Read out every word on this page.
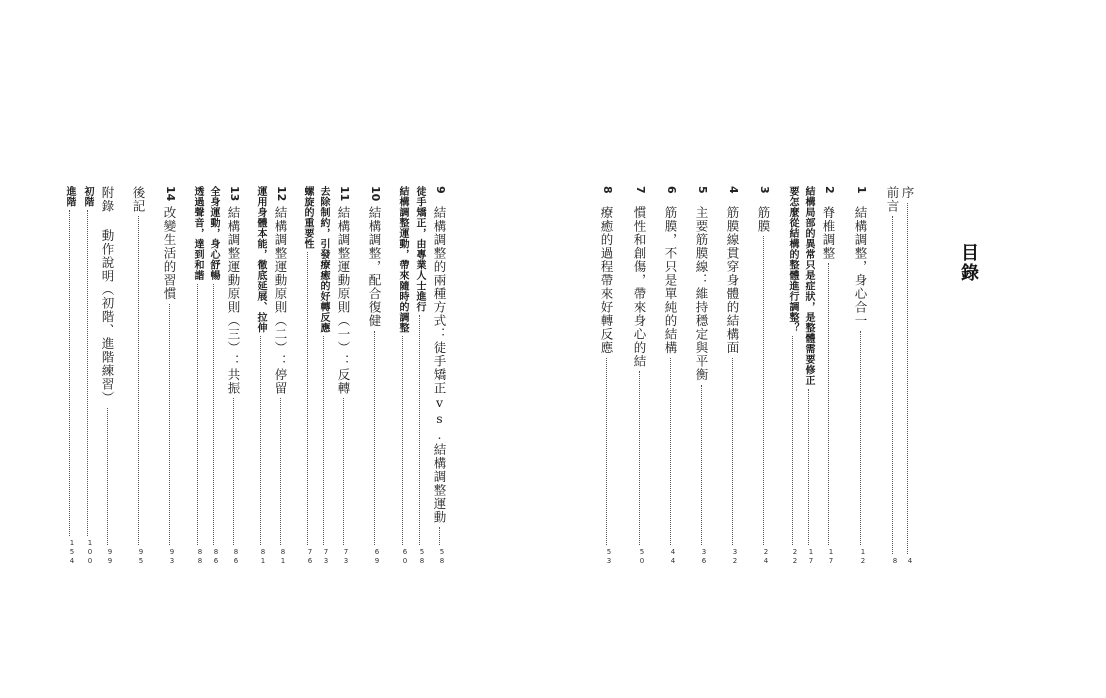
目錄
序
4
前言
8
1
結構調整，身心合一
12
2
脊椎調整
17
結構局部的異常只是症狀，是整體需要修正
17
要怎麼從結構的整體進行調整？
22
3
筋膜
24
4
筋膜線貫穿身體的結構面
32
5
主要筋膜線：維持穩定與平衡
36
6
筋膜，不只是單純的結構
44
7
慣性和創傷，帶來身心的結
50
8
療癒的過程帶來好轉反應
53
9
結構調整的兩種方式：徒手矯正vs.結構調整運動
58
徒手矯正，由專業人士進行
58
結構調整運動，帶來隨時的調整
60
10
結構調整，配合復健
69
11
結構調整運動原則（一）：反轉
73
去除制約，引發療癒的好轉反應
73
螺旋的重要性
76
12
結構調整運動原則（二）：停留
81
運用身體本能，徹底延展、拉伸
81
13
結構調整運動原則（三）：共振
86
全身運動，身心舒暢
86
透過聲音，達到和諧
88
14
改變生活的習慣
93
後記
95
附錄 動作說明（初階、進階練習）
99
初階
100
進階
154
